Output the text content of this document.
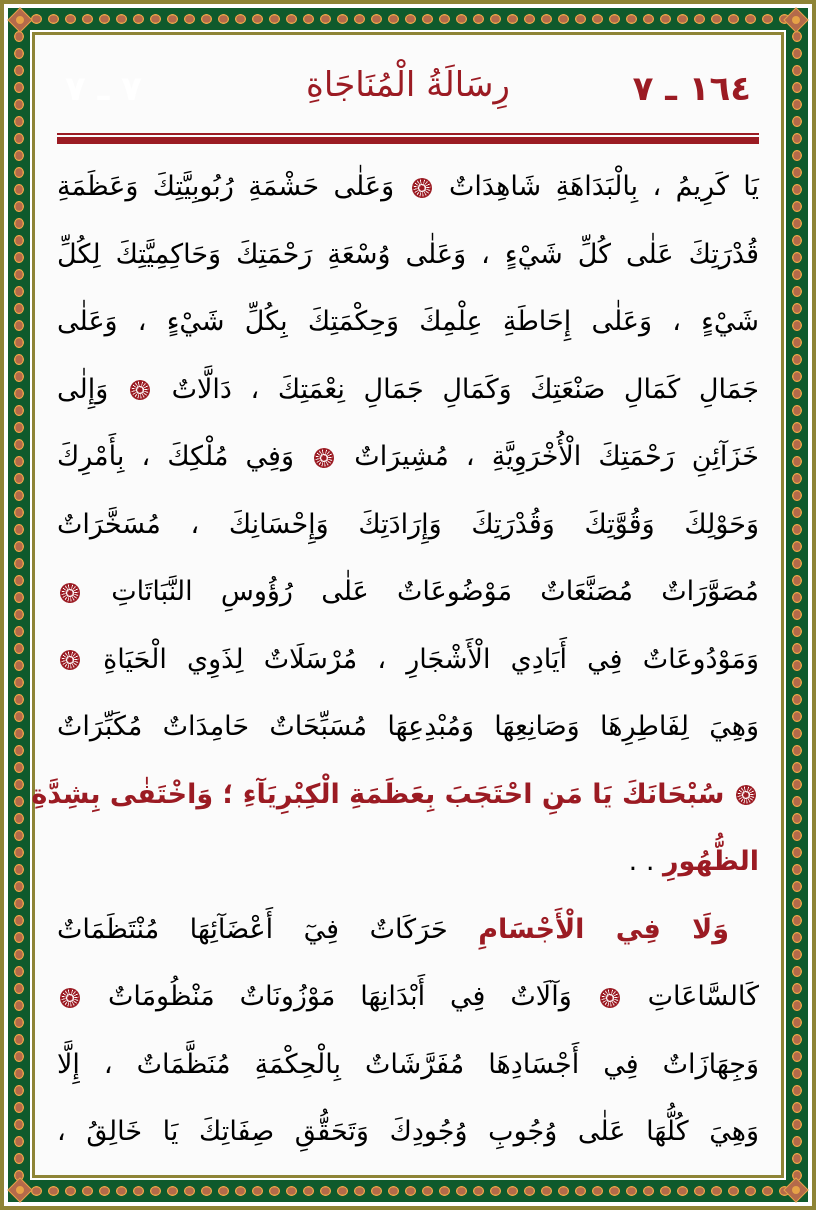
١٦٤ ـ ٧
رِسَالَةُ الْمُنَاجَاةِ
٧ ـ ٧
يَا كَرِيمُ ، بِالْبَدَاهَةِ شَاهِدَاتٌ  وَعَلٰى حَشْمَةِ رُبُوبِيَّتِكَ وَعَظَمَةِ
قُدْرَتِكَ عَلٰى كُلِّ شَيْءٍ ، وَعَلٰى وُسْعَةِ رَحْمَتِكَ وَحَاكِمِيَّتِكَ لِكُلِّ
شَيْءٍ ، وَعَلٰى إِحَاطَةِ عِلْمِكَ وَحِكْمَتِكَ بِكُلِّ شَيْءٍ ، وَعَلٰى
جَمَالِ كَمَالِ صَنْعَتِكَ وَكَمَالِ جَمَالِ نِعْمَتِكَ ، دَالَّاتٌ  وَإِلٰى
خَزَآئِنِ رَحْمَتِكَ الْأُخْرَوِيَّةِ ، مُشِيرَاتٌ  وَفِي مُلْكِكَ ، بِأَمْرِكَ
وَحَوْلِكَ وَقُوَّتِكَ وَقُدْرَتِكَ وَإِرَادَتِكَ وَإِحْسَانِكَ ، مُسَخَّرَاتٌ
مُصَوَّرَاتٌ مُصَنَّعَاتٌ مَوْضُوعَاتٌ عَلٰى رُؤُوسِ النَّبَاتَاتِ
وَمَوْدُوعَاتٌ فِي أَيَادِي الْأَشْجَارِ ، مُرْسَلَاتٌ لِذَوِي الْحَيَاةِ
وَهِيَ لِفَاطِرِهَا وَصَانِعِهَا وَمُبْدِعِهَا مُسَبِّحَاتٌ حَامِدَاتٌ مُكَبِّرَاتٌ
سُبْحَانَكَ يَا مَنِ احْتَجَبَ بِعَظَمَةِ الْكِبْرِيَآءِ ؛ وَاخْتَفٰى بِشِدَّةِ
الظُّهُورِ . .
وَلَا فِي الْأَجْسَامِ حَرَكَاتٌ فِيٓ أَعْضَآئِهَا مُنْتَظَمَاتٌ
كَالسَّاعَاتِ  وَآلَاتٌ فِي أَبْدَانِهَا مَوْزُونَاتٌ مَنْظُومَاتٌ
وَجِهَازَاتٌ فِي أَجْسَادِهَا مُفَرَّشَاتٌ بِالْحِكْمَةِ مُنَظَّمَاتٌ ، إِلَّا
وَهِيَ كُلُّهَا عَلٰى وُجُوبِ وُجُودِكَ وَتَحَقُّقِ صِفَاتِكَ يَا خَالِقُ ،
